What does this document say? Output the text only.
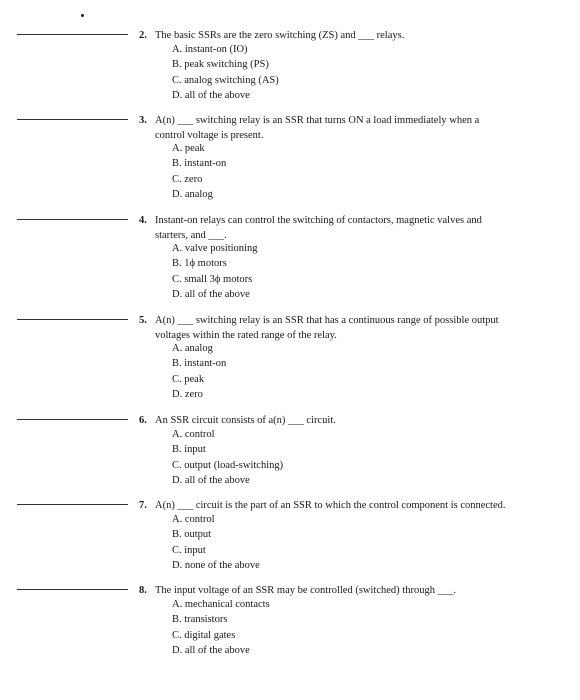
2. The basic SSRs are the zero switching (ZS) and ___ relays.
A. instant-on (IO)
B. peak switching (PS)
C. analog switching (AS)
D. all of the above
3. A(n) ___ switching relay is an SSR that turns ON a load immediately when a
control voltage is present.
A. peak
B. instant-on
C. zero
D. analog
4. Instant-on relays can control the switching of contactors, magnetic valves and
starters, and ___.
A. valve positioning
B. 1ϕ motors
C. small 3ϕ motors
D. all of the above
5. A(n) ___ switching relay is an SSR that has a continuous range of possible output
voltages within the rated range of the relay.
A. analog
B. instant-on
C. peak
D. zero
6. An SSR circuit consists of a(n) ___ circuit.
A. control
B. input
C. output (load-switching)
D. all of the above
7. A(n) ___ circuit is the part of an SSR to which the control component is connected.
A. control
B. output
C. input
D. none of the above
8. The input voltage of an SSR may be controlled (switched) through ___.
A. mechanical contacts
B. transistors
C. digital gates
D. all of the above
